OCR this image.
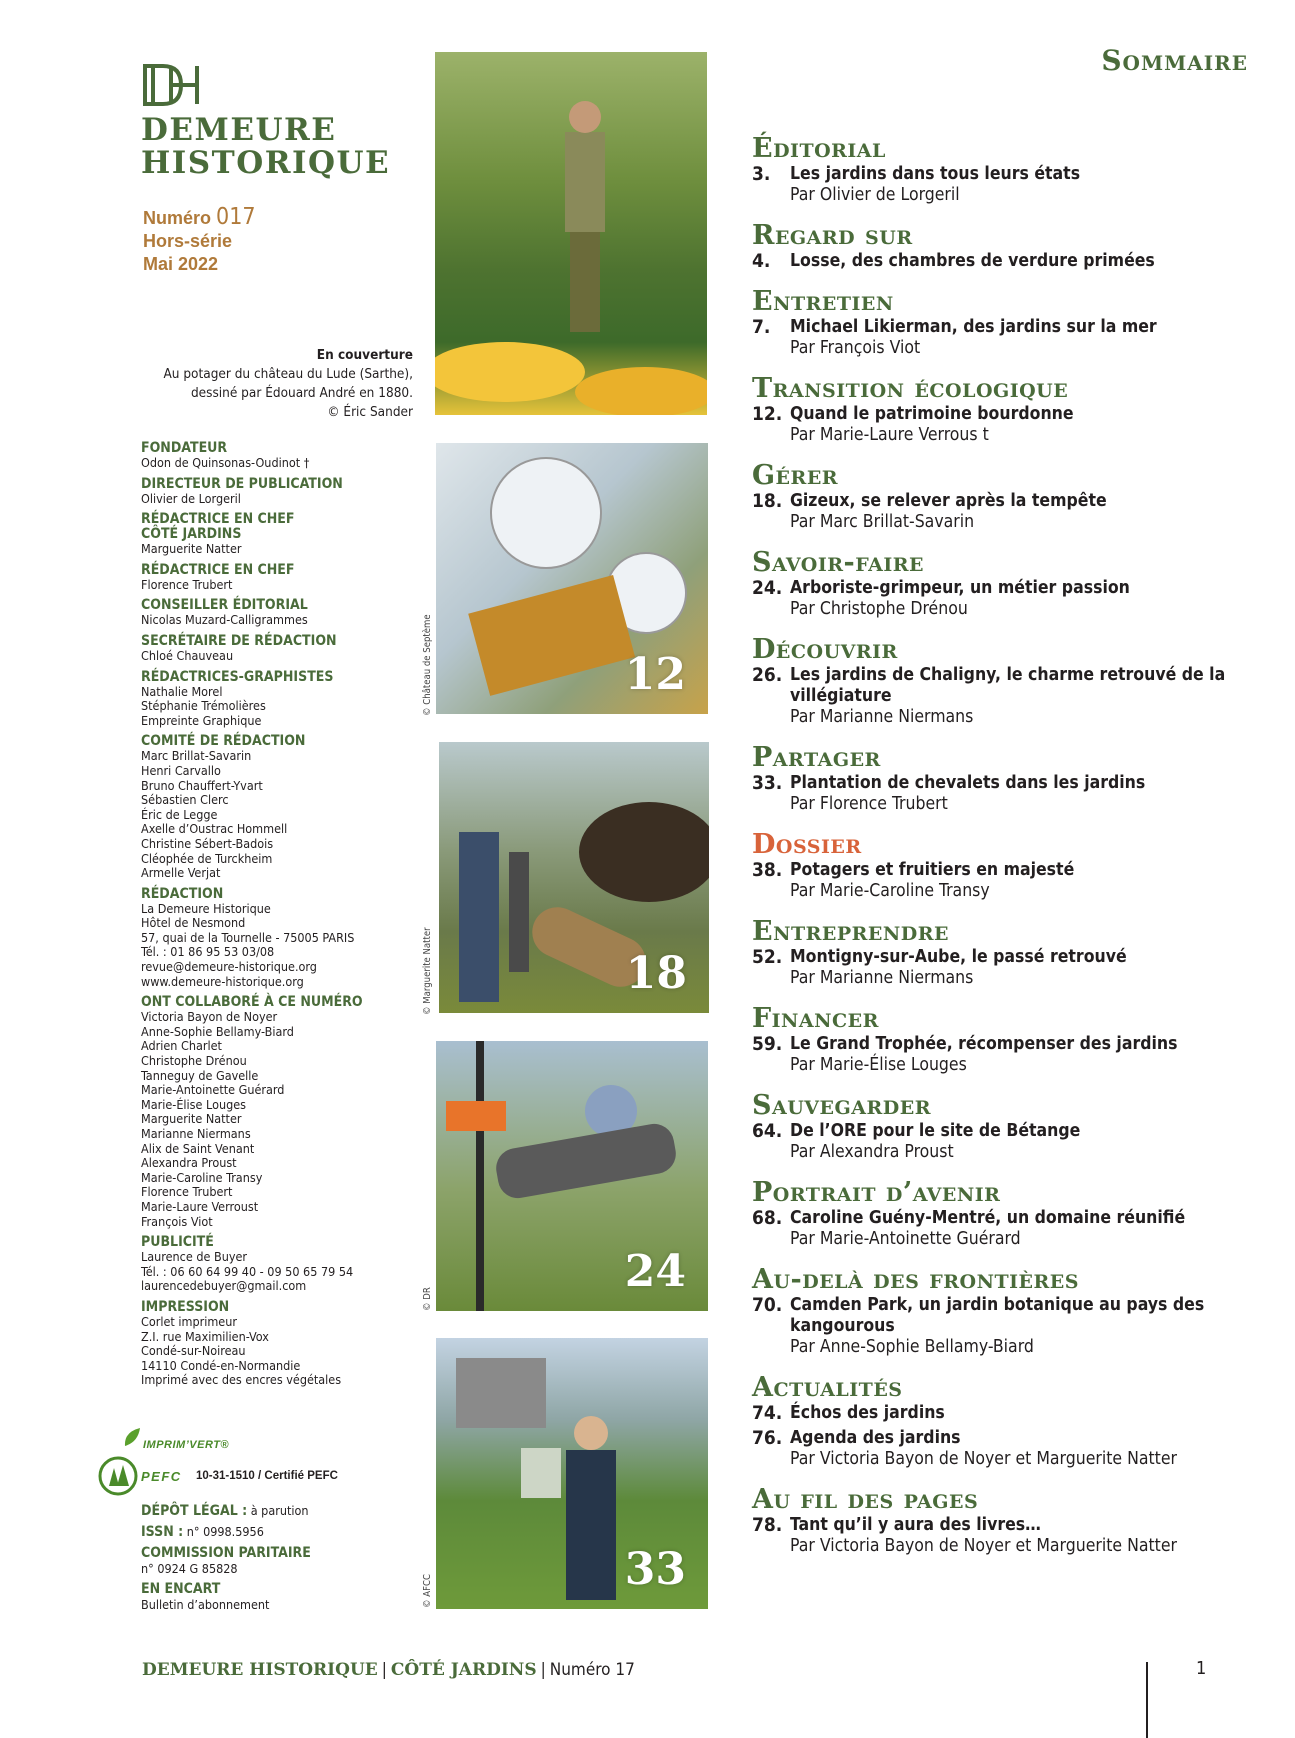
DEMEURE
HISTORIQUE
Numéro 017
Hors-série
Mai 2022
En couverture
Au potager du château du Lude (Sarthe),
dessiné par Édouard André en 1880.
© Éric Sander
FONDATEUR
Odon de Quinsonas-Oudinot †
DIRECTEUR DE PUBLICATION
Olivier de Lorgeril
RÉDACTRICE EN CHEF CÔTÉ JARDINS
Marguerite Natter
RÉDACTRICE EN CHEF
Florence Trubert
CONSEILLER ÉDITORIAL
Nicolas Muzard-Calligrammes
SECRÉTAIRE DE RÉDACTION
Chloé Chauveau
RÉDACTRICES-GRAPHISTES
Nathalie Morel
Stéphanie Trémolières
Empreinte Graphique
COMITÉ DE RÉDACTION
Marc Brillat-Savarin
Henri Carvallo
Bruno Chauffert-Yvart
Sébastien Clerc
Éric de Legge
Axelle d’Oustrac Hommell
Christine Sébert-Badois
Cléophée de Turckheim
Armelle Verjat
RÉDACTION
La Demeure Historique
Hôtel de Nesmond
57, quai de la Tournelle - 75005 PARIS
Tél. : 01 86 95 53 03/08
revue@demeure-historique.org
www.demeure-historique.org
ONT COLLABORÉ À CE NUMÉRO
Victoria Bayon de Noyer
Anne-Sophie Bellamy-Biard
Adrien Charlet
Christophe Drénou
Tanneguy de Gavelle
Marie-Antoinette Guérard
Marie-Élise Louges
Marguerite Natter
Marianne Niermans
Alix de Saint Venant
Alexandra Proust
Marie-Caroline Transy
Florence Trubert
Marie-Laure Verroust
François Viot
PUBLICITÉ
Laurence de Buyer
Tél. : 06 60 64 99 40 - 09 50 65 79 54
laurencedebuyer@gmail.com
IMPRESSION
Corlet imprimeur
Z.I. rue Maximilien-Vox
Condé-sur-Noireau
14110 Condé-en-Normandie
Imprimé avec des encres végétales
IMPRIM’VERT®
PEFC 10-31-1510 / Certifié PEFC
DÉPÔT LÉGAL : à parution
ISSN : n° 0998.5956
COMMISSION PARITAIRE
n° 0924 G 85828
EN ENCART
Bulletin d’abonnement
12
© Château de Septème
18
© Marguerite Natter
24
© DR
33
© AFCC
Sommaire
Éditorial
3.	Les jardins dans tous leurs états
Par Olivier de Lorgeril
Regard sur
4.	Losse, des chambres de verdure primées
Entretien
7.	Michael Likierman, des jardins sur la mer
Par François Viot
Transition écologique
12. Quand le patrimoine bourdonne
Par Marie-Laure Verrous t
Gérer
18. Gizeux, se relever après la tempête
Par Marc Brillat-Savarin
Savoir-faire
24. Arboriste-grimpeur, un métier passion
Par Christophe Drénou
Découvrir
26. Les jardins de Chaligny, le charme retrouvé de la villégiature
Par Marianne Niermans
Partager
33. Plantation de chevalets dans les jardins
Par Florence Trubert
Dossier
38. Potagers et fruitiers en majesté
Par Marie-Caroline Transy
Entreprendre
52. Montigny-sur-Aube, le passé retrouvé
Par Marianne Niermans
Financer
59. Le Grand Trophée, récompenser des jardins
Par Marie-Élise Louges
Sauvegarder
64. De l’ORE pour le site de Bétange
Par Alexandra Proust
Portrait d’avenir
68. Caroline Guény-Mentré, un domaine réunifié
Par Marie-Antoinette Guérard
Au-delà des frontières
70. Camden Park, un jardin botanique au pays des kangourous
Par Anne-Sophie Bellamy-Biard
Actualités
74. Échos des jardins
76. Agenda des jardins
Par Victoria Bayon de Noyer et Marguerite Natter
Au fil des pages
78. Tant qu’il y aura des livres…
Par Victoria Bayon de Noyer et Marguerite Natter
DEMEURE HISTORIQUE | CÔTÉ JARDINS | Numéro 17	1
